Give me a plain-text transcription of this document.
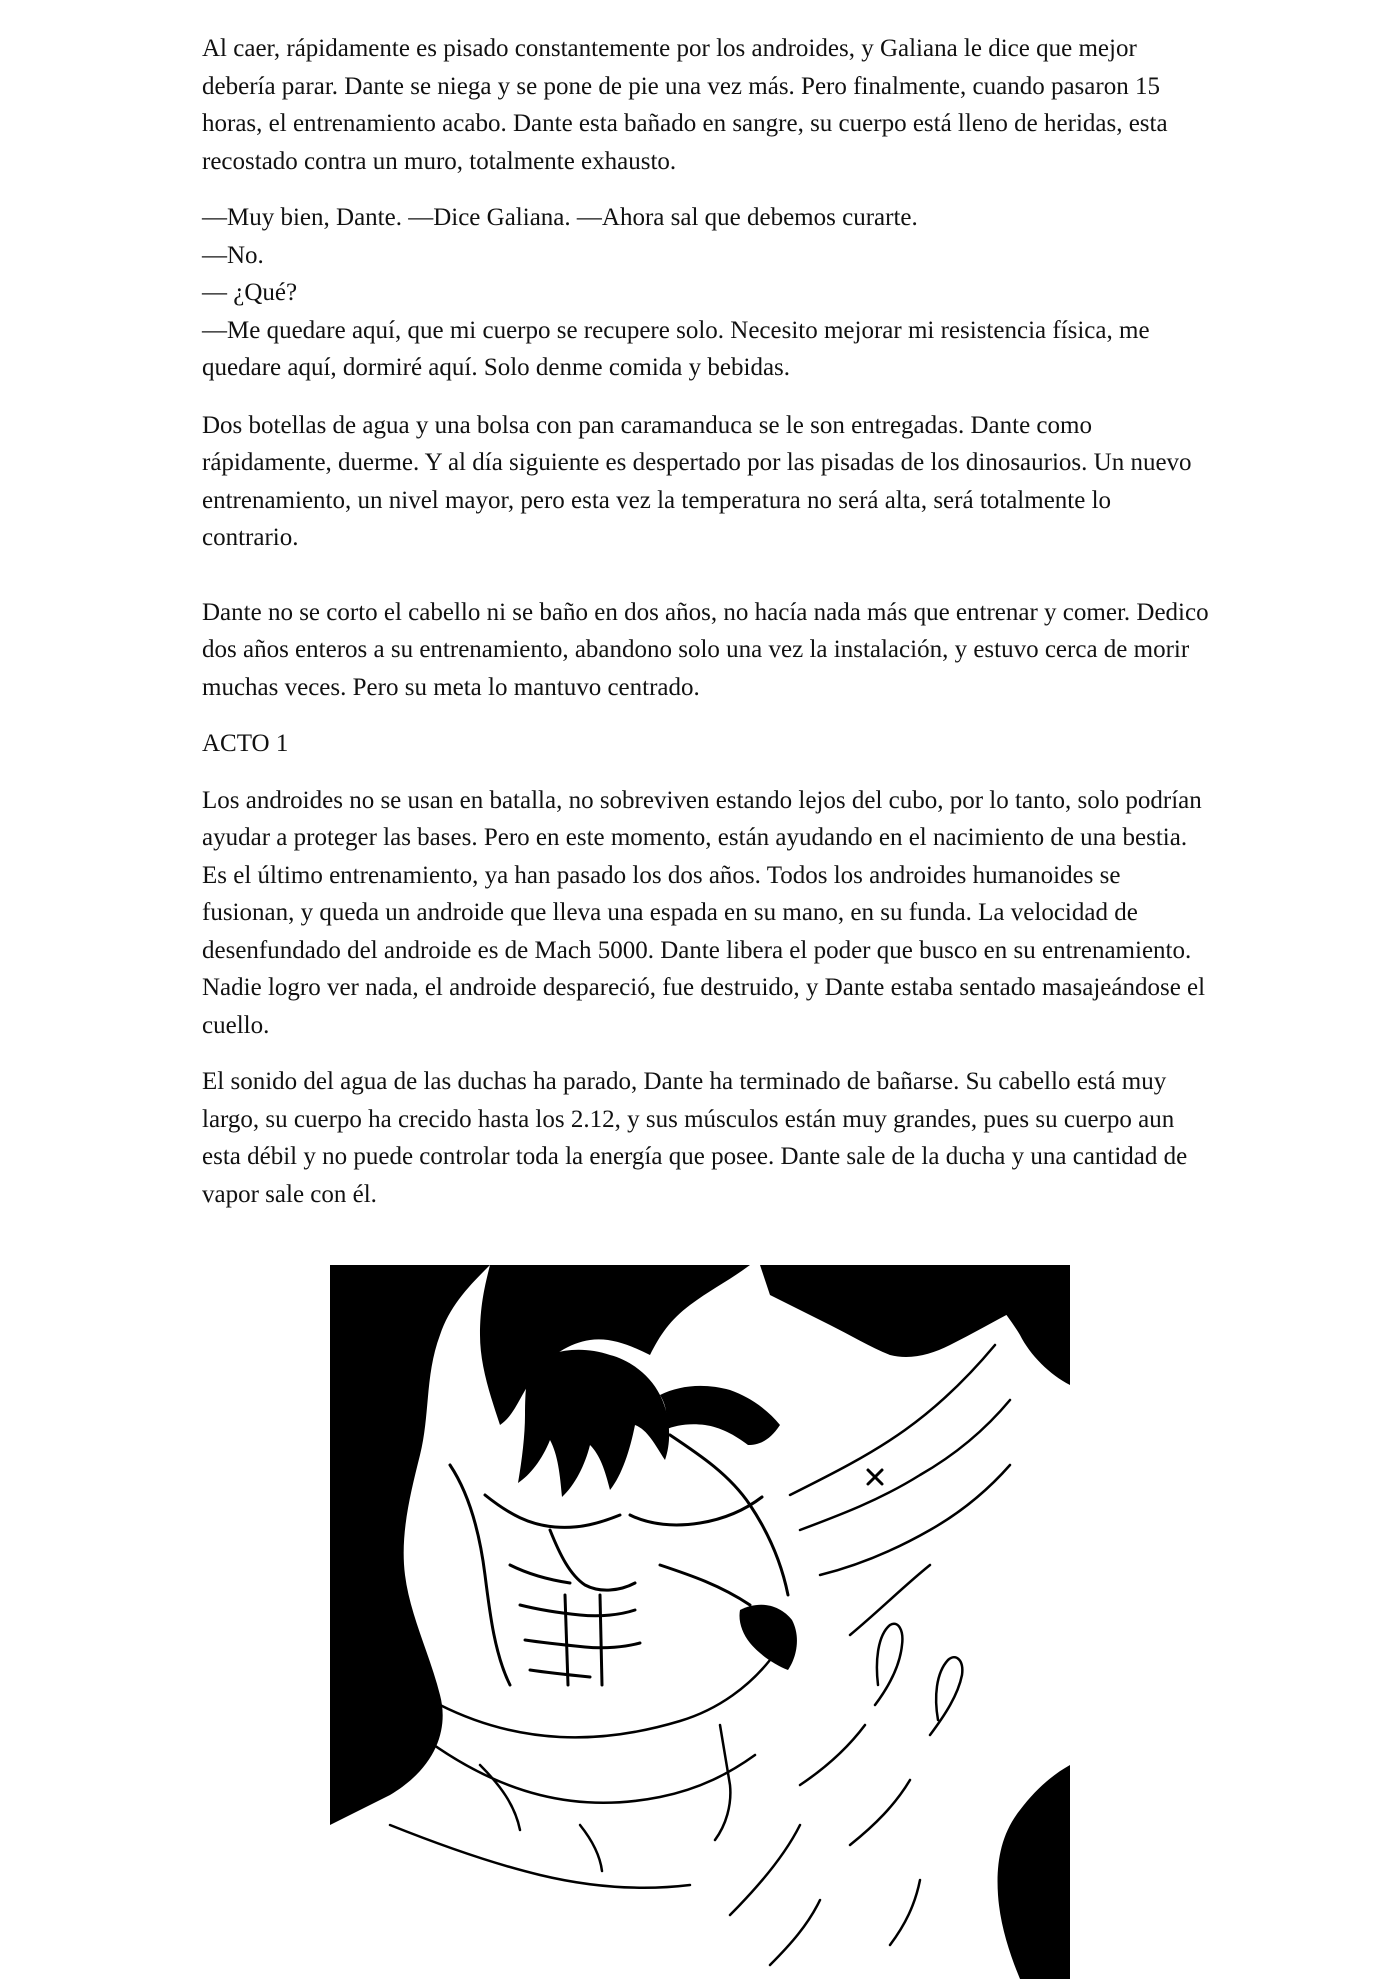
Al caer, rápidamente es pisado constantemente por los androides, y Galiana le dice que mejor debería parar. Dante se niega y se pone de pie una vez más. Pero finalmente, cuando pasaron 15 horas, el entrenamiento acabo. Dante esta bañado en sangre, su cuerpo está lleno de heridas, esta recostado contra un muro, totalmente exhausto.

—Muy bien, Dante. —Dice Galiana. —Ahora sal que debemos curarte.
—No.
— ¿Qué?
—Me quedare aquí, que mi cuerpo se recupere solo. Necesito mejorar mi resistencia física, me quedare aquí, dormiré aquí. Solo denme comida y bebidas.

Dos botellas de agua y una bolsa con pan caramanduca se le son entregadas. Dante como rápidamente, duerme. Y al día siguiente es despertado por las pisadas de los dinosaurios. Un nuevo entrenamiento, un nivel mayor, pero esta vez la temperatura no será alta, será totalmente lo contrario.

Dante no se corto el cabello ni se baño en dos años, no hacía nada más que entrenar y comer. Dedico dos años enteros a su entrenamiento, abandono solo una vez la instalación, y estuvo cerca de morir muchas veces. Pero su meta lo mantuvo centrado.

ACTO 1

Los androides no se usan en batalla, no sobreviven estando lejos del cubo, por lo tanto, solo podrían ayudar a proteger las bases. Pero en este momento, están ayudando en el nacimiento de una bestia. Es el último entrenamiento, ya han pasado los dos años. Todos los androides humanoides se fusionan, y queda un androide que lleva una espada en su mano, en su funda. La velocidad de desenfundado del androide es de Mach 5000. Dante libera el poder que busco en su entrenamiento. Nadie logro ver nada, el androide despareció, fue destruido, y Dante estaba sentado masajeándose el cuello.

El sonido del agua de las duchas ha parado, Dante ha terminado de bañarse. Su cabello está muy largo, su cuerpo ha crecido hasta los 2.12, y sus músculos están muy grandes, pues su cuerpo aun esta débil y no puede controlar toda la energía que posee. Dante sale de la ducha y una cantidad de vapor sale con él.
